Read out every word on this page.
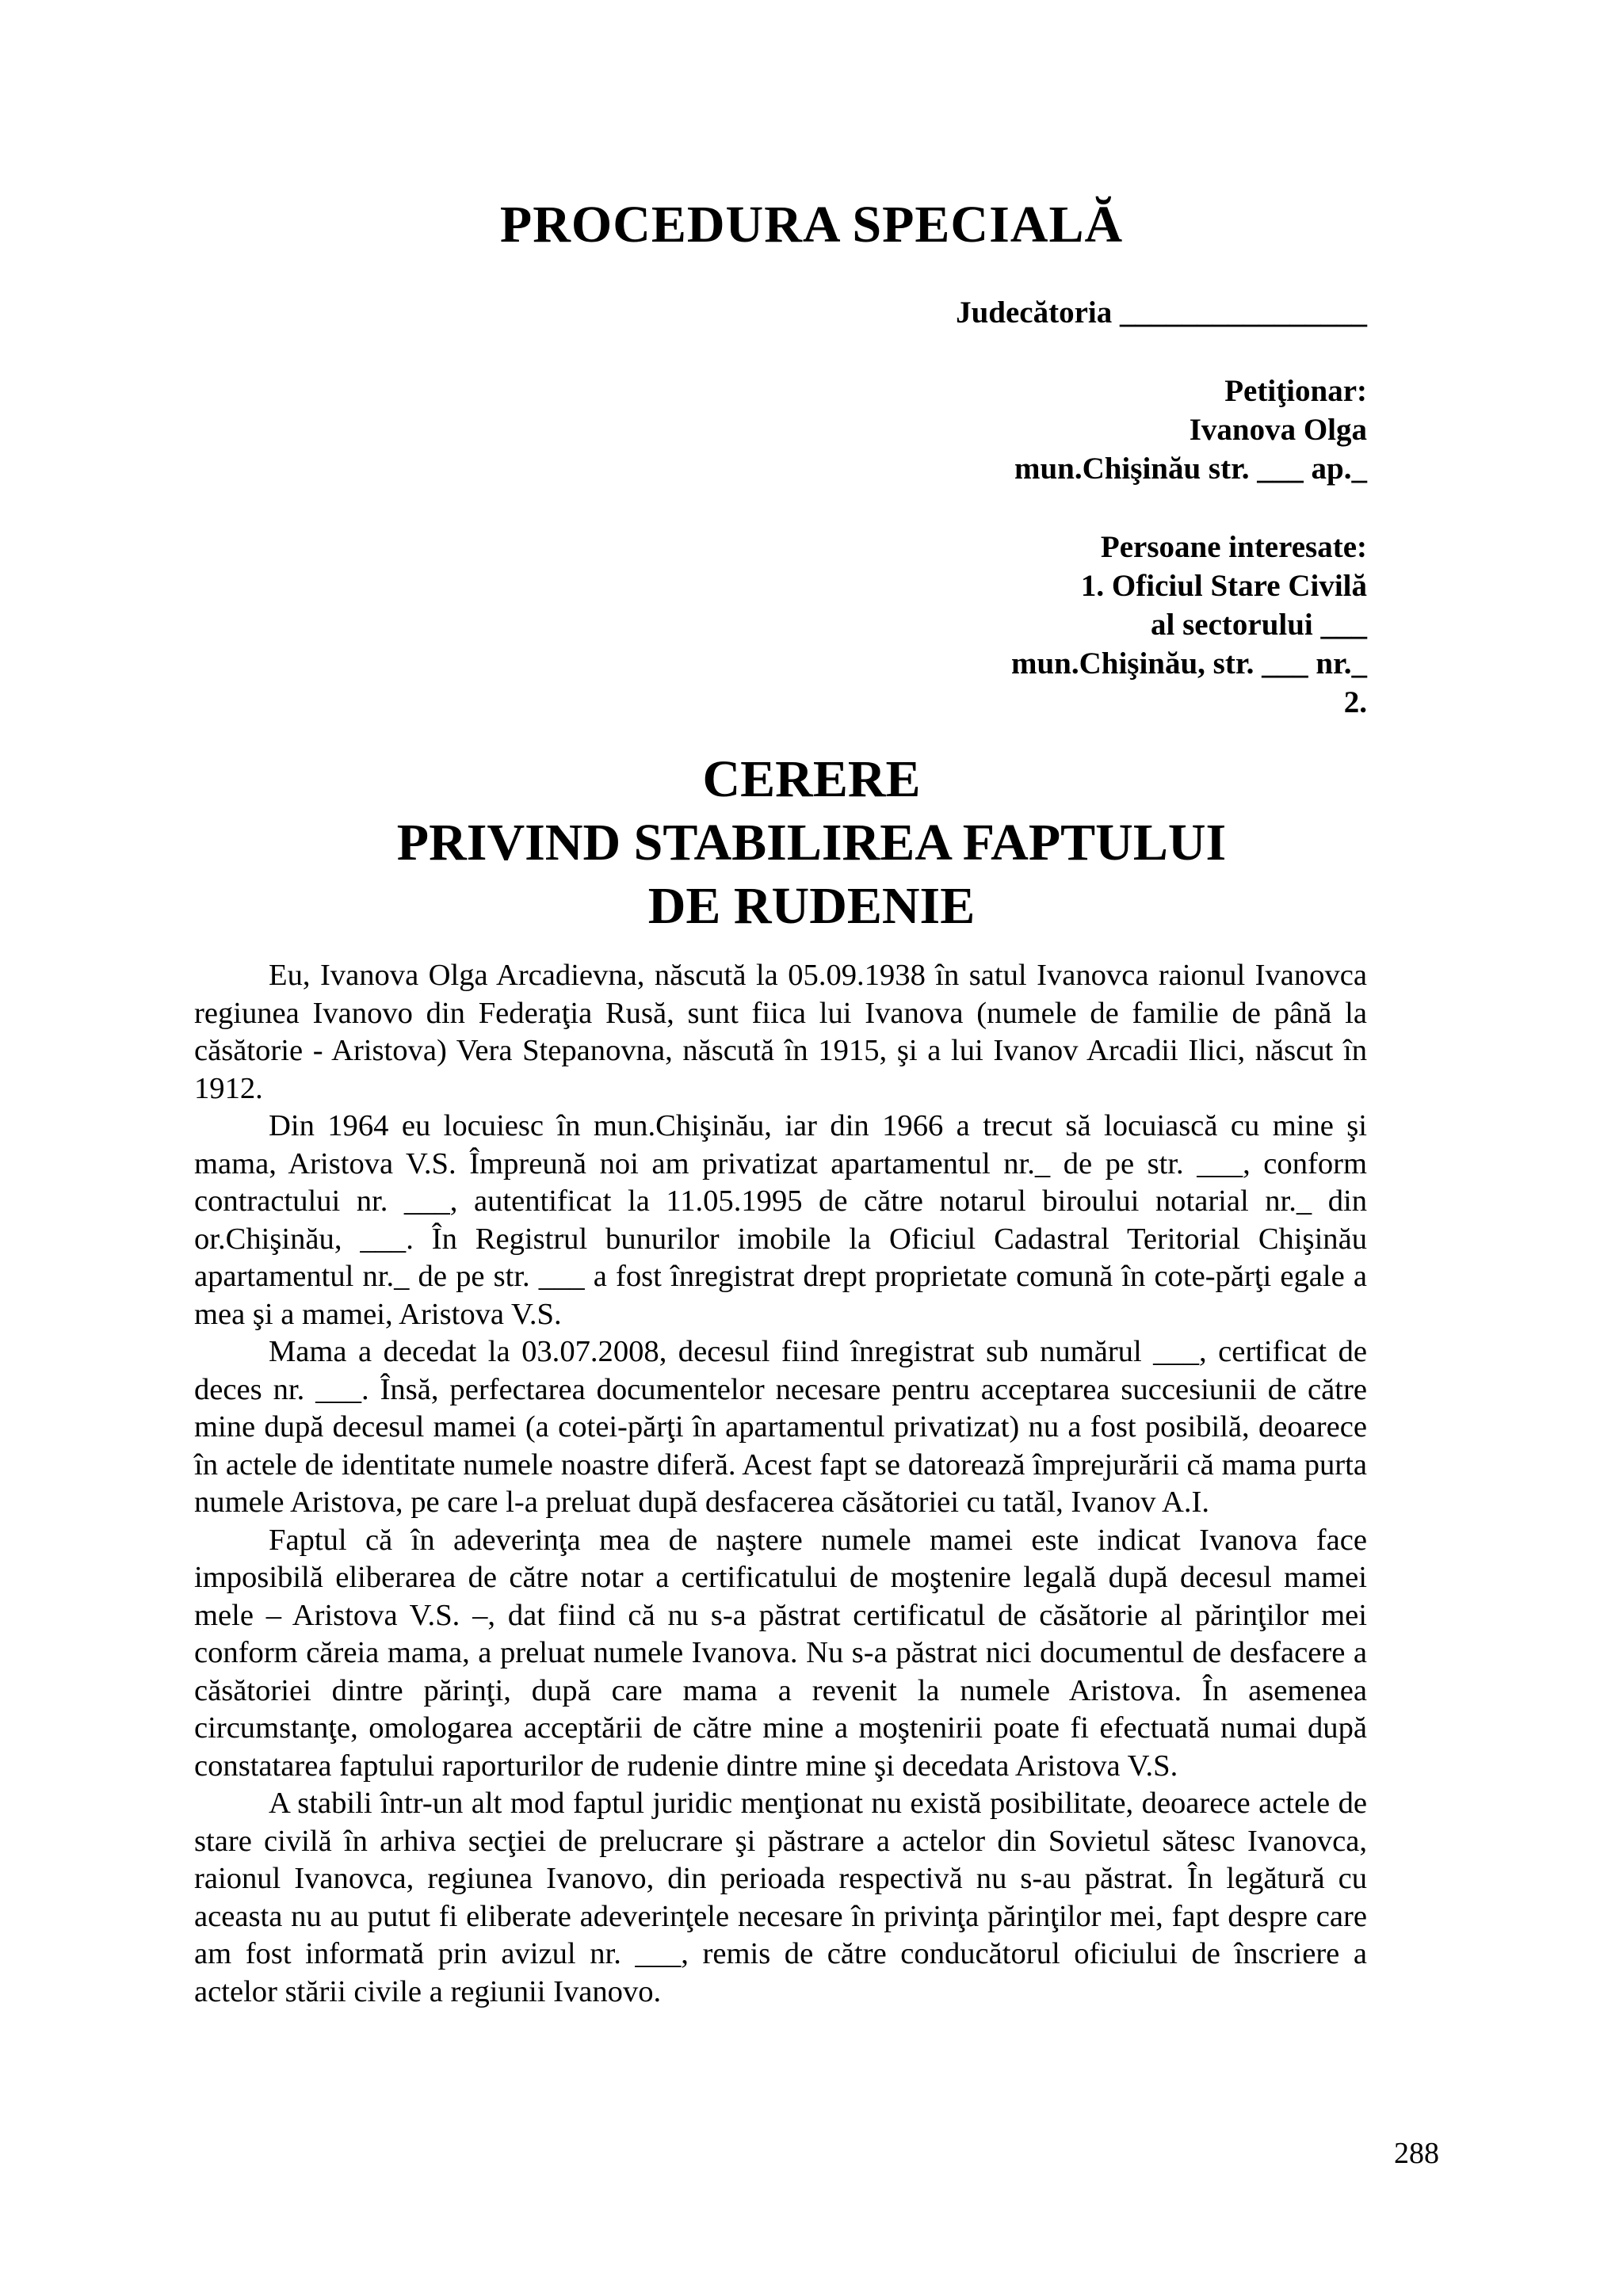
PROCEDURA SPECIALĂ
Judecătoria ________________
Petiţionar:
Ivanova Olga
mun.Chişinău str. ___ ap._
Persoane interesate:
1. Oficiul Stare Civilă
al sectorului ___
mun.Chişinău, str. ___ nr._
2.
CERERE
PRIVIND STABILIREA FAPTULUI
DE RUDENIE

Eu, Ivanova Olga Arcadievna, născută la 05.09.1938 în satul Ivanovca raionul Ivanovca regiunea Ivanovo din Federaţia Rusă, sunt fiica lui Ivanova (numele de familie de până la căsătorie - Aristova) Vera Stepanovna, născută în 1915, şi a lui Ivanov Arcadii Ilici, născut în 1912.

Din 1964 eu locuiesc în mun.Chişinău, iar din 1966 a trecut să locuiască cu mine şi mama, Aristova V.S. Împreună noi am privatizat apartamentul nr._ de pe str. ___, conform contractului nr. ___, autentificat la 11.05.1995 de către notarul biroului notarial nr._ din or.Chişinău, ___. În Registrul bunurilor imobile la Oficiul Cadastral Teritorial Chişinău apartamentul nr._ de pe str. ___ a fost înregistrat drept proprietate comună în cote-părţi egale a mea şi a mamei, Aristova V.S.

Mama a decedat la 03.07.2008, decesul fiind înregistrat sub numărul ___, certificat de deces nr. ___. Însă, perfectarea documentelor necesare pentru acceptarea succesiunii de către mine după decesul mamei (a cotei-părţi în apartamentul privatizat) nu a fost posibilă, deoarece în actele de identitate numele noastre diferă. Acest fapt se datorează împrejurării că mama purta numele Aristova, pe care l-a preluat după desfacerea căsătoriei cu tatăl, Ivanov A.I.

Faptul că în adeverinţa mea de naştere numele mamei este indicat Ivanova face imposibilă eliberarea de către notar a certificatului de moştenire legală după decesul mamei mele – Aristova V.S. –, dat fiind că nu s-a păstrat certificatul de căsătorie al părinţilor mei conform căreia mama, a preluat numele Ivanova. Nu s-a păstrat nici documentul de desfacere a căsătoriei dintre părinţi, după care mama a revenit la numele Aristova. În asemenea circumstanţe, omologarea acceptării de către mine a moştenirii poate fi efectuată numai după constatarea faptului raporturilor de rudenie dintre mine şi decedata Aristova V.S.

A stabili într-un alt mod faptul juridic menţionat nu există posibilitate, deoarece actele de stare civilă în arhiva secţiei de prelucrare şi păstrare a actelor din Sovietul sătesc Ivanovca, raionul Ivanovca, regiunea Ivanovo, din perioada respectivă nu s-au păstrat. În legătură cu aceasta nu au putut fi eliberate adeverinţele necesare în privinţa părinţilor mei, fapt despre care am fost informată prin avizul nr. ___, remis de către conducătorul oficiului de înscriere a actelor stării civile a regiunii Ivanovo.

288
